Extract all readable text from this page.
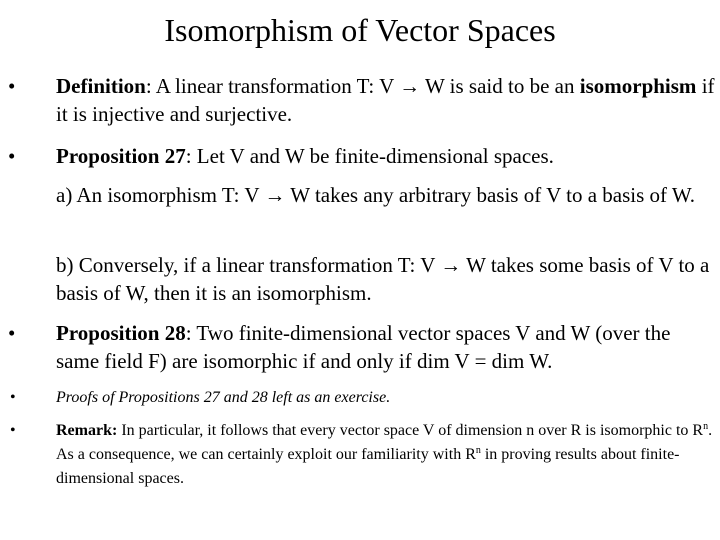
Isomorphism of Vector Spaces
• Definition: A linear transformation T: V → W is said to be an isomorphism if it is injective and surjective.
• Proposition 27: Let V and W be finite-dimensional spaces.
a) An isomorphism T: V → W takes any arbitrary basis of V to a basis of W.
b) Conversely, if a linear transformation T: V → W takes some basis of V to a basis of W, then it is an isomorphism.
• Proposition 28: Two finite-dimensional vector spaces V and W (over the same field F) are isomorphic if and only if dim V = dim W.
•	Proofs of Propositions 27 and 28 left as an exercise.
•	Remark: In particular, it follows that every vector space V of dimension n over R is isomorphic to $R^n$. As a consequence, we can certainly exploit our familiarity with $R^n$ in proving results about finite-dimensional spaces.
